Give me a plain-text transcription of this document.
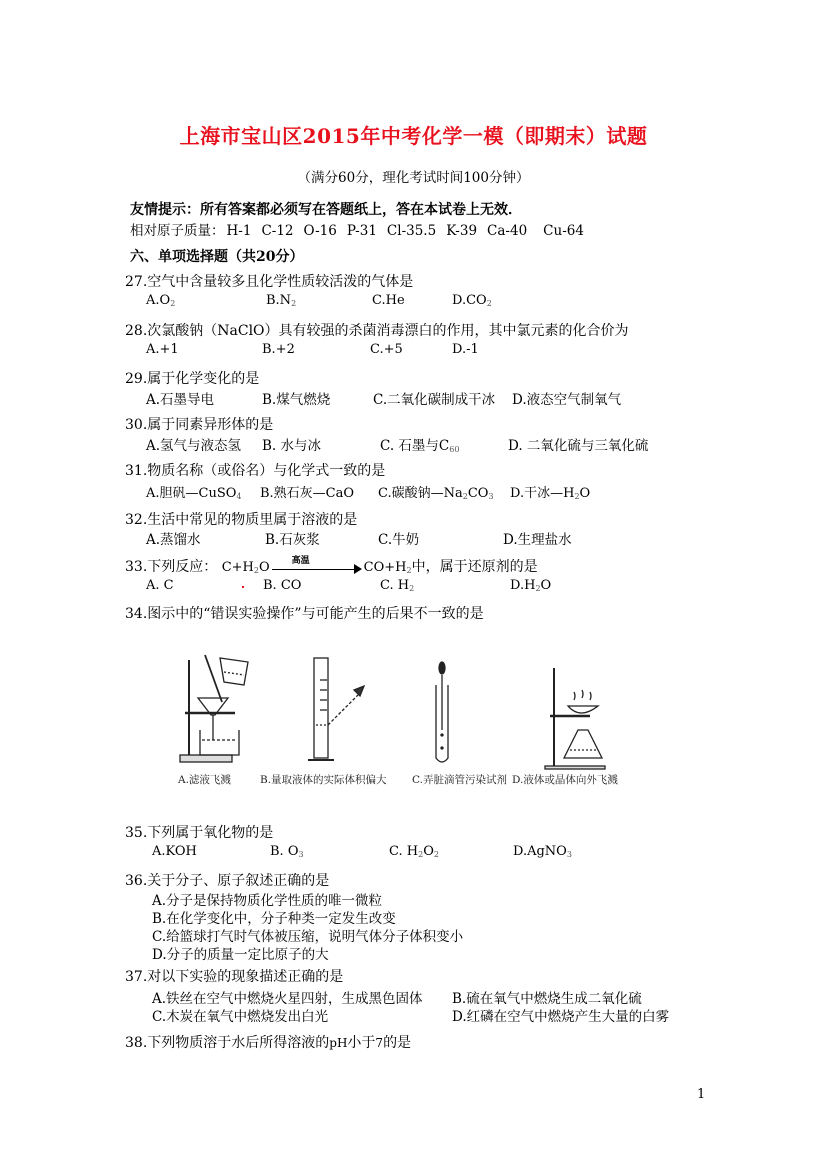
上海市宝山区2015年中考化学一模（即期末）试题
（满分60分，理化考试时间100分钟）
友情提示：所有答案都必须写在答题纸上，答在本试卷上无效．
相对原子质量： H-1 C-12 O-16 P-31 Cl-35.5 K-39 Ca-40 Cu-64
六、单项选择题（共20分）
27.空气中含量较多且化学性质较活泼的气体是
$A.O_2$	$B.N_2$	C.He	$D.CO_2$
28.次氯酸钠（NaClO）具有较强的杀菌消毒漂白的作用，其中氯元素的化合价为
A.+1	B.+2	C.+5	D.-1
29.属于化学变化的是
A.石墨导电	B.煤气燃烧	C.二氧化碳制成干冰 D.液态空气制氧气
30.属于同素异形体的是
A.氢气与液态氢 B. 水与冰	C. 石墨与$C_{60}$	D. 二氧化硫与三氧化硫
31.物质名称（或俗名）与化学式一致的是
A.胆矾—CuSO$_4$ B.熟石灰—CaO C.碳酸钠$—Na_2CO_3$ D.干冰$—H_2O$
32.生活中常见的物质里属于溶液的是
A.蒸馏水	B.石灰浆	C.牛奶	D.生理盐水
33.下列反应： $C+H_2O$ 高温	$CO+H_2$中，属于还原剂的是
A. C	B. CO	C. $H_2$	$D.H_2O$
34.图示中的“错误实验操作”与可能产生的后果不一致的是
A.滤液飞溅	B.量取液体的实际体积偏大 C.弄脏滴管污染试剂 D.液体或晶体向外飞溅
35.下列属于氧化物的是
A.KOH	B. $O_3$	C. $H_2O_2$	D.AgNO$_3$
36.关于分子、原子叙述正确的是
A.分子是保持物质化学性质的唯一微粒
B.在化学变化中，分子种类一定发生改变
C.给篮球打气时气体被压缩，说明气体分子体积变小
D.分子的质量一定比原子的大
37.对以下实验的现象描述正确的是
A.铁丝在空气中燃烧火星四射，生成黑色固体 B.硫在氧气中燃烧生成二氧化硫
C.木炭在氧气中燃烧发出白光	D.红磷在空气中燃烧产生大量的白雾
38.下列物质溶于水后所得溶液的pH小于7的是
1
